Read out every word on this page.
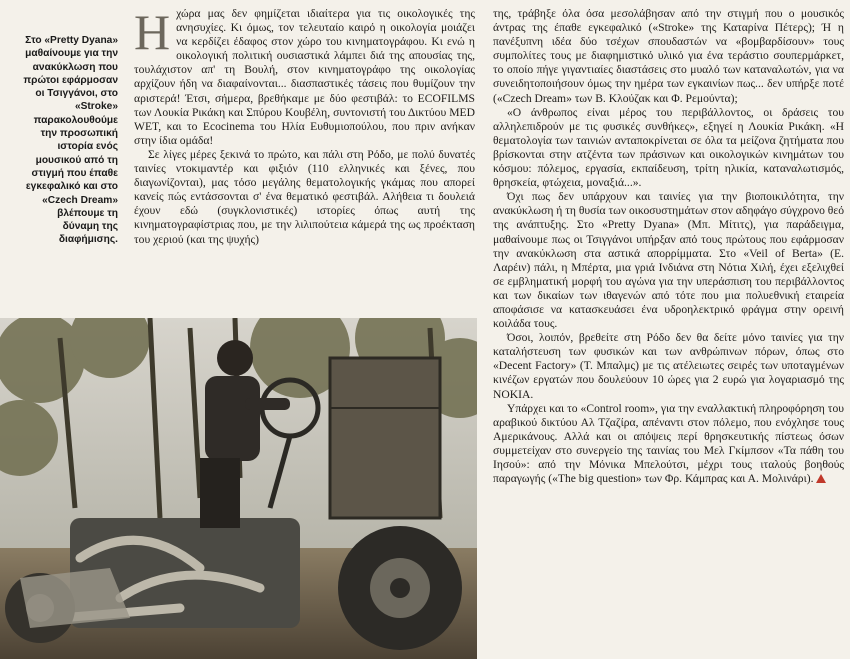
Στο «Pretty Dyana» μαθαίνουμε για την ανακύκλωση που πρώτοι εφάρμοσαν οι Τσιγγάνοι, στο «Stroke» παρακολουθούμε την προσωπική ιστορία ενός μουσικού από τη στιγμή που έπαθε εγκεφαλικό και στο «Czech Dream» βλέπουμε τη δύναμη της διαφήμισης.

Ηχώρα μας δεν φημίζεται ιδιαίτερα για τις οικολογικές της ανησυχίες. Κι όμως, τον τελευταίο καιρό η οικολογία μοιάζει να κερδίζει έδαφος στον χώρο του κινηματογράφου. Κι ενώ η οικολογική πολιτική ουσιαστικά λάμπει διά της απουσίας της, τουλάχιστον απ' τη Βουλή, στον κινηματογράφο της οικολογίας αρχίζουν ήδη να διαφαίνονται... διασπαστικές τάσεις που θυμίζουν την αριστερά! Έτσι, σήμερα, βρεθήκαμε με δύο φεστιβάλ: το ECOFILMS των Λουκία Ρικάκη και Σπύρου Κουβέλη, συντονιστή του Δικτύου MED WET, και το Ecocinema του Ηλία Ευθυμιοπούλου, που πριν ανήκαν στην ίδια ομάδα!

Σε λίγες μέρες ξεκινά το πρώτο, και πάλι στη Ρόδο, με πολύ δυνατές ταινίες ντοκιμαντέρ και φιξιόν (110 ελληνικές και ξένες, που διαγωνίζονται), μας τόσο μεγάλης θεματολογικής γκάμας που απορεί κανείς πώς εντάσσονται σ' ένα θεματικό φεστιβάλ. Αλήθεια τι δουλειά έχουν εδώ (συγκλονιστικές) ιστορίες όπως αυτή της κινηματογραφίστριας που, με την λιλιπούτεια κάμερά της ως προέκταση του χεριού (και της ψυχής)

της, τράβηξε όλα όσα μεσολάβησαν από την στιγμή που ο μουσικός άντρας της έπαθε εγκεφαλικό («Stroke» της Καταρίνα Πέτερς); Ή η πανέξυπνη ιδέα δύο τσέχων σπουδαστών να «βομβαρδίσουν» τους συμπολίτες τους με διαφημιστικό υλικό για ένα τεράστιο σουπερμάρκετ, το οποίο πήγε γιγαντιαίες διαστάσεις στο μυαλό των καταναλωτών, για να συνειδητοποιήσουν όμως την ημέρα των εγκαινίων πως... δεν υπήρξε ποτέ («Czech Dream» των Β. Κλούζακ και Φ. Ρεμούντα);

«Ο άνθρωπος είναι μέρος του περιβάλλοντος, οι δράσεις του αλληλεπιδρούν με τις φυσικές συνθήκες», εξηγεί η Λουκία Ρικάκη. «Η θεματολογία των ταινιών ανταποκρίνεται σε όλα τα μείζονα ζητήματα που βρίσκονται στην ατζέντα των πράσινων και οικολογικών κινημάτων του κόσμου: πόλεμος, εργασία, εκπαίδευση, τρίτη ηλικία, καταναλωτισμός, θρησκεία, φτώχεια, μοναξιά...».

Όχι πως δεν υπάρχουν και ταινίες για την βιοποικιλότητα, την ανακύκλωση ή τη θυσία των οικοσυστημάτων στον αδηφάγο σύγχρονο θεό της ανάπτυξης. Στο «Pretty Dyana» (Μπ. Μίτιτς), για παράδειγμα, μαθαίνουμε πως οι Τσιγγάνοι υπήρξαν από τους πρώτους που εφάρμοσαν την ανακύκλωση στα αστικά απορρίμματα. Στο «Veil of Berta» (Ε. Λαρέιν) πάλι, η Μπέρτα, μια γριά Ινδιάνα στη Νότια Χιλή, έχει εξελιχθεί σε εμβληματική μορφή του αγώνα για την υπεράσπιση του περιβάλλοντος και των δικαίων των ιθαγενών από τότε που μια πολυεθνική εταιρεία αποφάσισε να κατασκευάσει ένα υδροηλεκτρικό φράγμα στην ορεινή κοιλάδα τους.

Όσοι, λοιπόν, βρεθείτε στη Ρόδο δεν θα δείτε μόνο ταινίες για την καταλήστευση των φυσικών και των ανθρώπινων πόρων, όπως στο «Decent Factory» (Τ. Μπαλμς) με τις ατέλειωτες σειρές των υποταγμένων κινέζων εργατών που δουλεύουν 10 ώρες για 2 ευρώ για λογαριασμό της NOKIA.

Υπάρχει και το «Control room», για την εναλλακτική πληροφόρηση του αραβικού δικτύου Αλ Τζαζίρα, απέναντι στον πόλεμο, που ενόχλησε τους Αμερικάνους. Αλλά και οι απόψεις περί θρησκευτικής πίστεως όσων συμμετείχαν στο συνεργείο της ταινίας του Μελ Γκίμπσον «Τα πάθη του Ιησού»: από την Μόνικα Μπελούτσι, μέχρι τους ιταλούς βοηθούς παραγωγής («The big question» των Φρ. Κάμπρας και Α. Μολινάρι).
